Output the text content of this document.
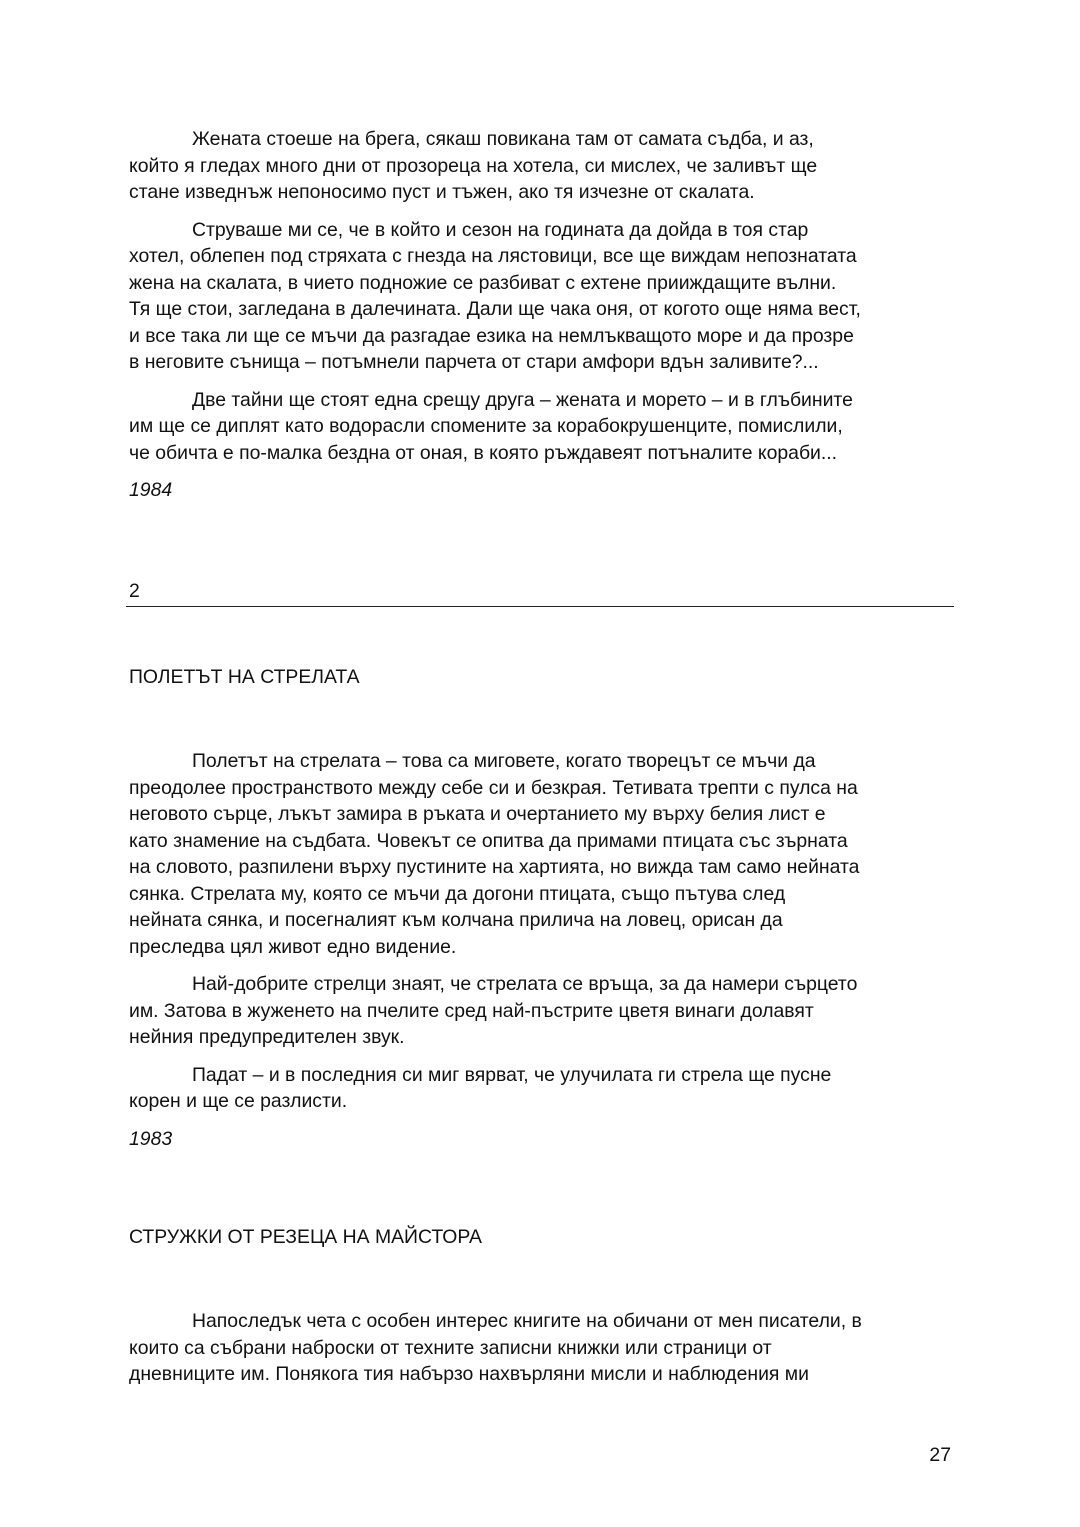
Жената стоеше на брега, сякаш повикана там от самата съдба, и аз,
който я гледах много дни от прозореца на хотела, си мислех, че заливът ще
стане изведнъж непоносимо пуст и тъжен, ако тя изчезне от скалата.

Струваше ми се, че в който и сезон на годината да дойда в тоя стар
хотел, облепен под стряхата с гнезда на лястовици, все ще виждам непознатата
жена на скалата, в чието подножие се разбиват с ехтене прииждащите вълни.
Тя ще стои, загледана в далечината. Дали ще чака оня, от когото още няма вест,
и все така ли ще се мъчи да разгадае езика на немлъкващото море и да прозре
в неговите сънища – потъмнели парчета от стари амфори вдън заливите?...

Две тайни ще стоят една срещу друга – жената и морето – и в глъбините
им ще се диплят като водорасли спомените за корабокрушенците, помислили,
че обичта е по-малка бездна от оная, в която ръждавеят потъналите кораби...

1984

2

ПОЛЕТЪТ НА СТРЕЛАТА

Полетът на стрелата – това са миговете, когато творецът се мъчи да
преодолее пространството между себе си и безкрая. Тетивата трепти с пулса на
неговото сърце, лъкът замира в ръката и очертанието му върху белия лист е
като знамение на съдбата. Човекът се опитва да примами птицата със зърната
на словото, разпилени върху пустините на хартията, но вижда там само нейната
сянка. Стрелата му, която се мъчи да догони птицата, също пътува след
нейната сянка, и посегналият към колчана прилича на ловец, орисан да
преследва цял живот едно видение.

Най-добрите стрелци знаят, че стрелата се връща, за да намери сърцето
им. Затова в жуженето на пчелите сред най-пъстрите цветя винаги долавят
нейния предупредителен звук.

Падат – и в последния си миг вярват, че улучилата ги стрела ще пусне
корен и ще се разлисти.

1983

СТРУЖКИ ОТ РЕЗЕЦА НА МАЙСТОРА

Напоследък чета с особен интерес книгите на обичани от мен писатели, в
които са събрани наброски от техните записни книжки или страници от
дневниците им. Понякога тия набързо нахвърляни мисли и наблюдения ми

27
